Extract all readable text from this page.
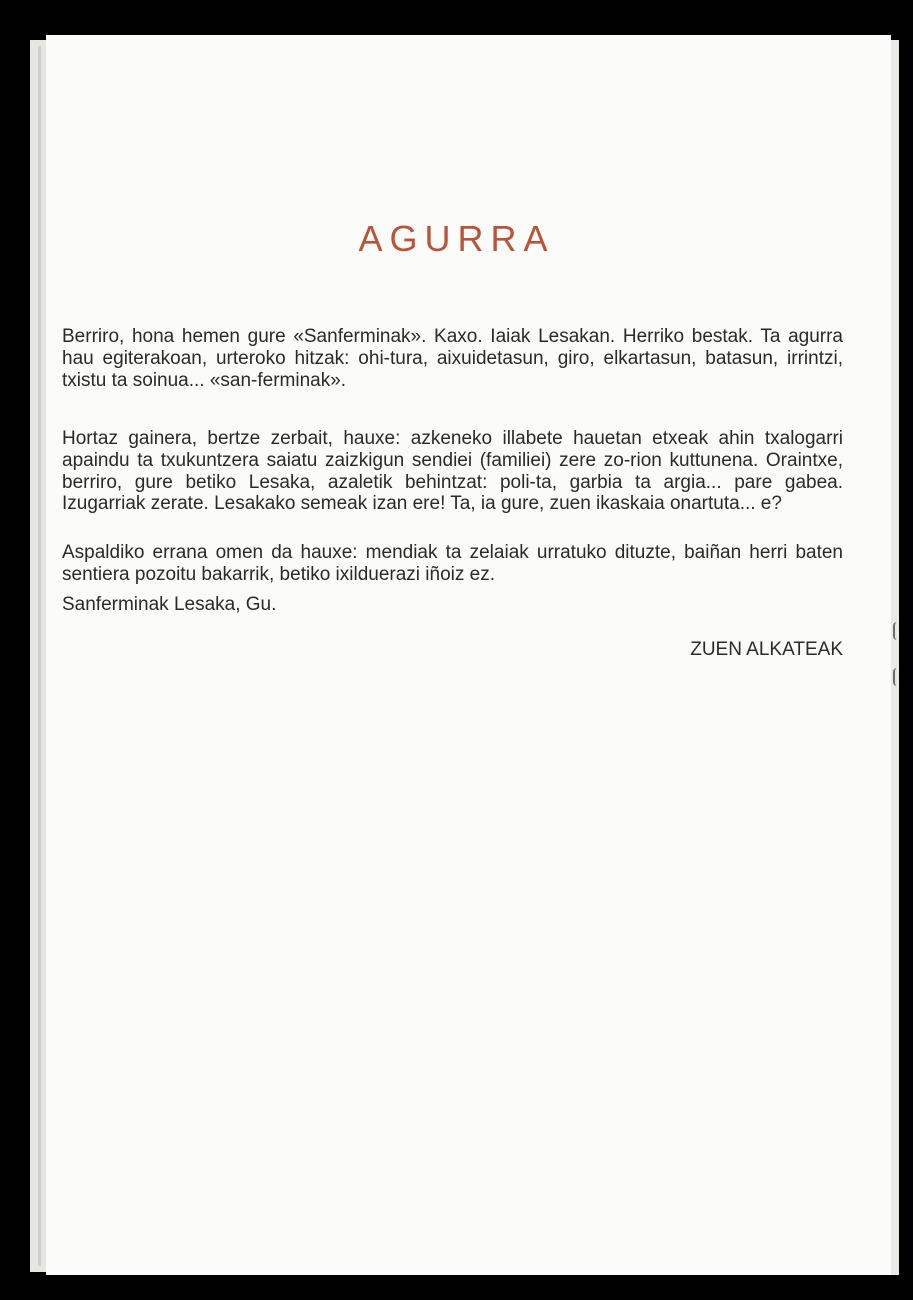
AGURRA

Berriro, hona hemen gure «Sanferminak». Kaxo. Iaiak Lesakan. Herriko bestak. Ta agurra hau egiterakoan, urteroko hitzak: ohi-tura, aixuidetasun, giro, elkartasun, batasun, irrintzi, txistu ta soinua... «san-ferminak».

Hortaz gainera, bertze zerbait, hauxe: azkeneko illabete hauetan etxeak ahin txalogarri apaindu ta txukuntzera saiatu zaizkigun sendiei (familiei) zere zo-rion kuttunena. Oraintxe, berriro, gure betiko Lesaka, azaletik behintzat: poli-ta, garbia ta argia... pare gabea. Izugarriak zerate. Lesakako semeak izan ere! Ta, ia gure, zuen ikaskaia onartuta... e?

Aspaldiko errana omen da hauxe: mendiak ta zelaiak urratuko dituzte, baiñan herri baten sentiera pozoitu bakarrik, betiko ixilduerazi iñoiz ez.

Sanferminak Lesaka, Gu.

ZUEN ALKATEAK
